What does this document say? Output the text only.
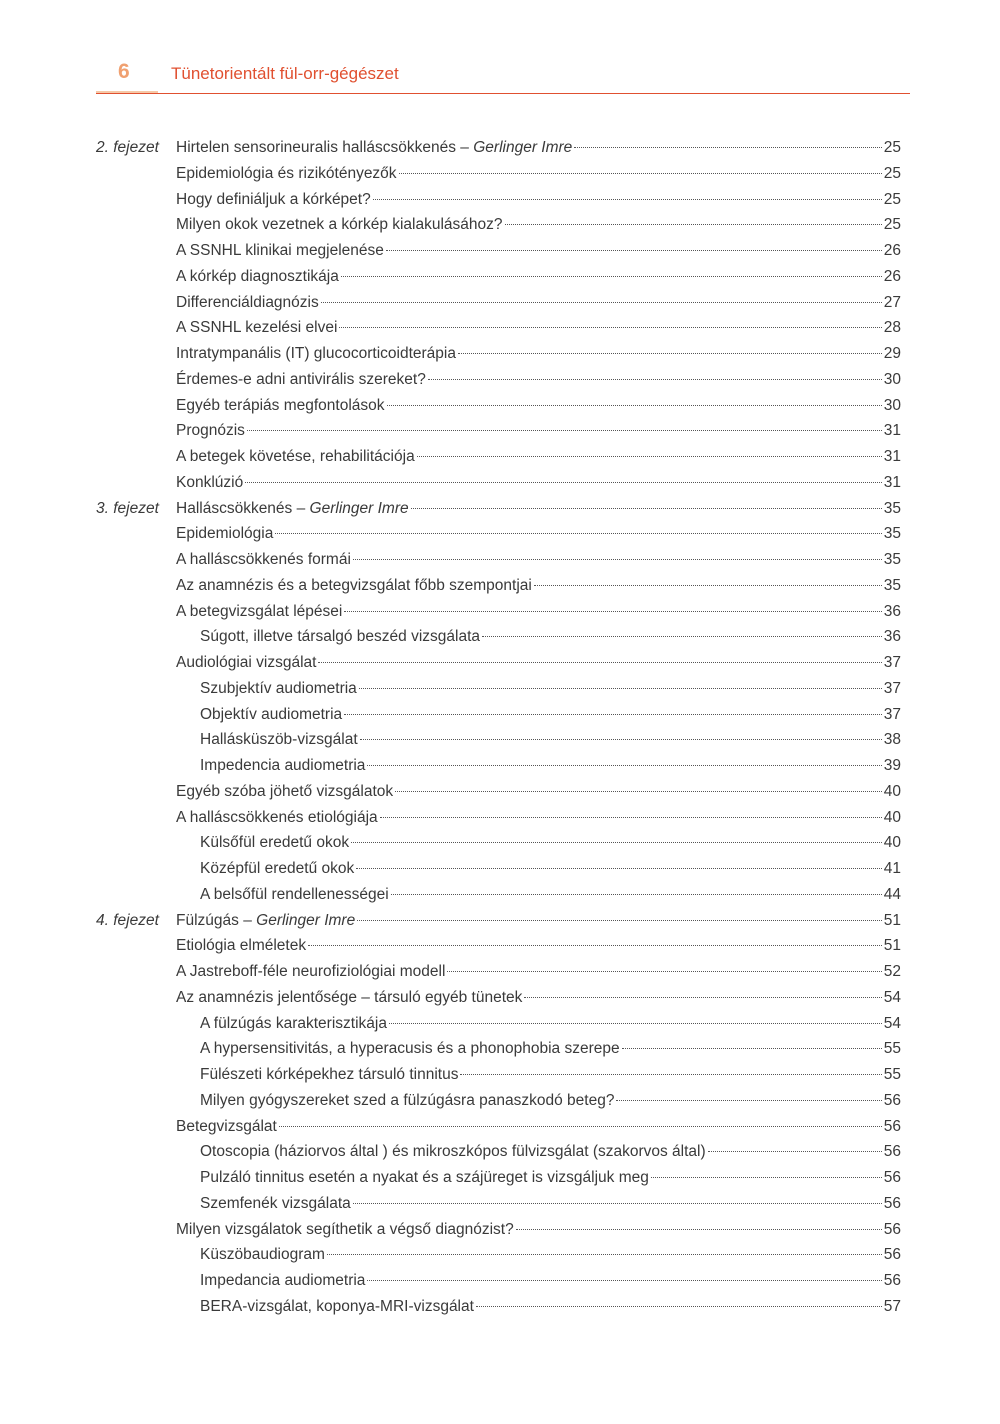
6 Tünetorientált fül-orr-gégészet
2. fejezet Hirtelen sensorineuralis halláscsökkenés – Gerlinger Imre	25
Epidemiológia és rizikótényezők	25
Hogy definiáljuk a kórképet?	25
Milyen okok vezetnek a kórkép kialakulásához?	25
A SSNHL klinikai megjelenése	26
A kórkép diagnosztikája	26
Differenciáldiagnózis	27
A SSNHL kezelési elvei	28
Intratympanális (IT) glucocorticoidterápia	29
Érdemes-e adni antivirális szereket?	30
Egyéb terápiás megfontolások	30
Prognózis	31
A betegek követése, rehabilitációja	31
Konklúzió	31
3. fejezet Halláscsökkenés – Gerlinger Imre	35
Epidemiológia	35
A halláscsökkenés formái	35
Az anamnézis és a betegvizsgálat főbb szempontjai	35
A betegvizsgálat lépései	36
Súgott, illetve társalgó beszéd vizsgálata	36
Audiológiai vizsgálat	37
Szubjektív audiometria	37
Objektív audiometria	37
Hallásküszöb-vizsgálat	38
Impedencia audiometria	39
Egyéb szóba jöhető vizsgálatok	40
A halláscsökkenés etiológiája	40
Külsőfül eredetű okok	40
Középfül eredetű okok	41
A belsőfül rendellenességei	44
4. fejezet Fülzúgás – Gerlinger Imre	51
Etiológia elméletek	51
A Jastreboff-féle neurofiziológiai modell	52
Az anamnézis jelentősége – társuló egyéb tünetek	54
A fülzúgás karakterisztikája	54
A hypersensitivitás, a hyperacusis és a phonophobia szerepe	55
Fülészeti kórképekhez társuló tinnitus	55
Milyen gyógyszereket szed a fülzúgásra panaszkodó beteg?	56
Betegvizsgálat	56
Otoscopia (háziorvos által ) és mikroszkópos fülvizsgálat (szakorvos által)	56
Pulzáló tinnitus esetén a nyakat és a szájüreget is vizsgáljuk meg	56
Szemfenék vizsgálata	56
Milyen vizsgálatok segíthetik a végső diagnózist?	56
Küszöbaudiogram	56
Impedancia audiometria	56
BERA-vizsgálat, koponya-MRI-vizsgálat	57
